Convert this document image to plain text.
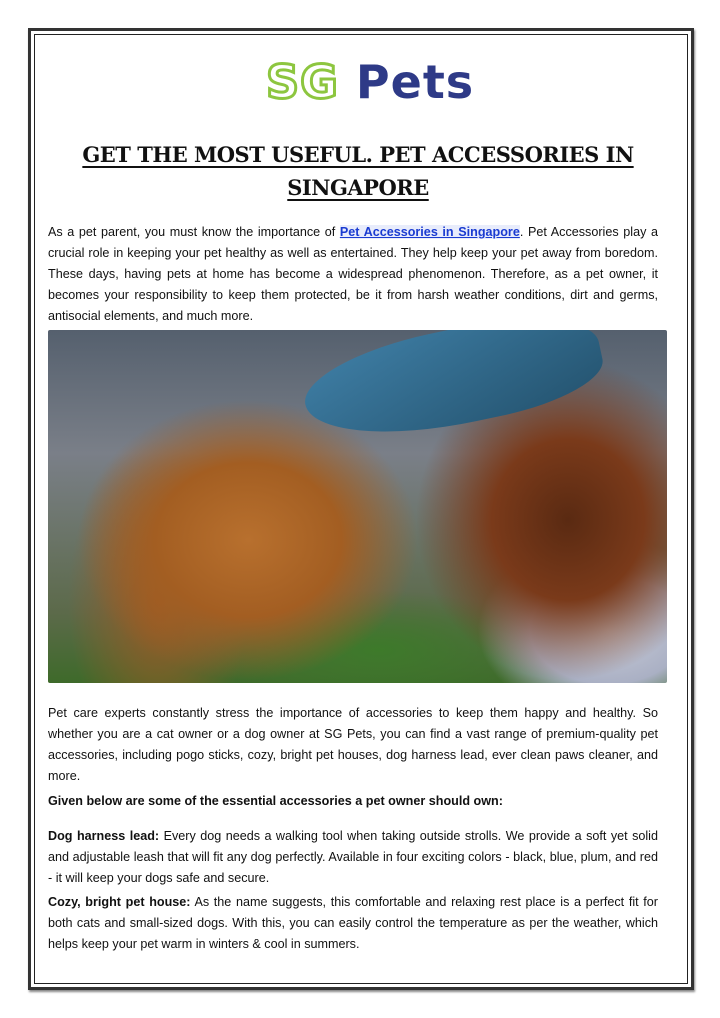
SG Pets
GET THE MOST USEFUL. PET ACCESSORIES IN SINGAPORE

As a pet parent, you must know the importance of Pet Accessories in Singapore. Pet Accessories play a crucial role in keeping your pet healthy as well as entertained. They help keep your pet away from boredom. These days, having pets at home has become a widespread phenomenon. Therefore, as a pet owner, it becomes your responsibility to keep them protected, be it from harsh weather conditions, dirt and germs, antisocial elements, and much more.

Pet care experts constantly stress the importance of accessories to keep them happy and healthy. So whether you are a cat owner or a dog owner at SG Pets, you can find a vast range of premium-quality pet accessories, including pogo sticks, cozy, bright pet houses, dog harness lead, ever clean paws cleaner, and more.

Given below are some of the essential accessories a pet owner should own:

Dog harness lead: Every dog needs a walking tool when taking outside strolls. We provide a soft yet solid and adjustable leash that will fit any dog perfectly. Available in four exciting colors - black, blue, plum, and red - it will keep your dogs safe and secure.

Cozy, bright pet house: As the name suggests, this comfortable and relaxing rest place is a perfect fit for both cats and small-sized dogs. With this, you can easily control the temperature as per the weather, which helps keep your pet warm in winters & cool in summers.
